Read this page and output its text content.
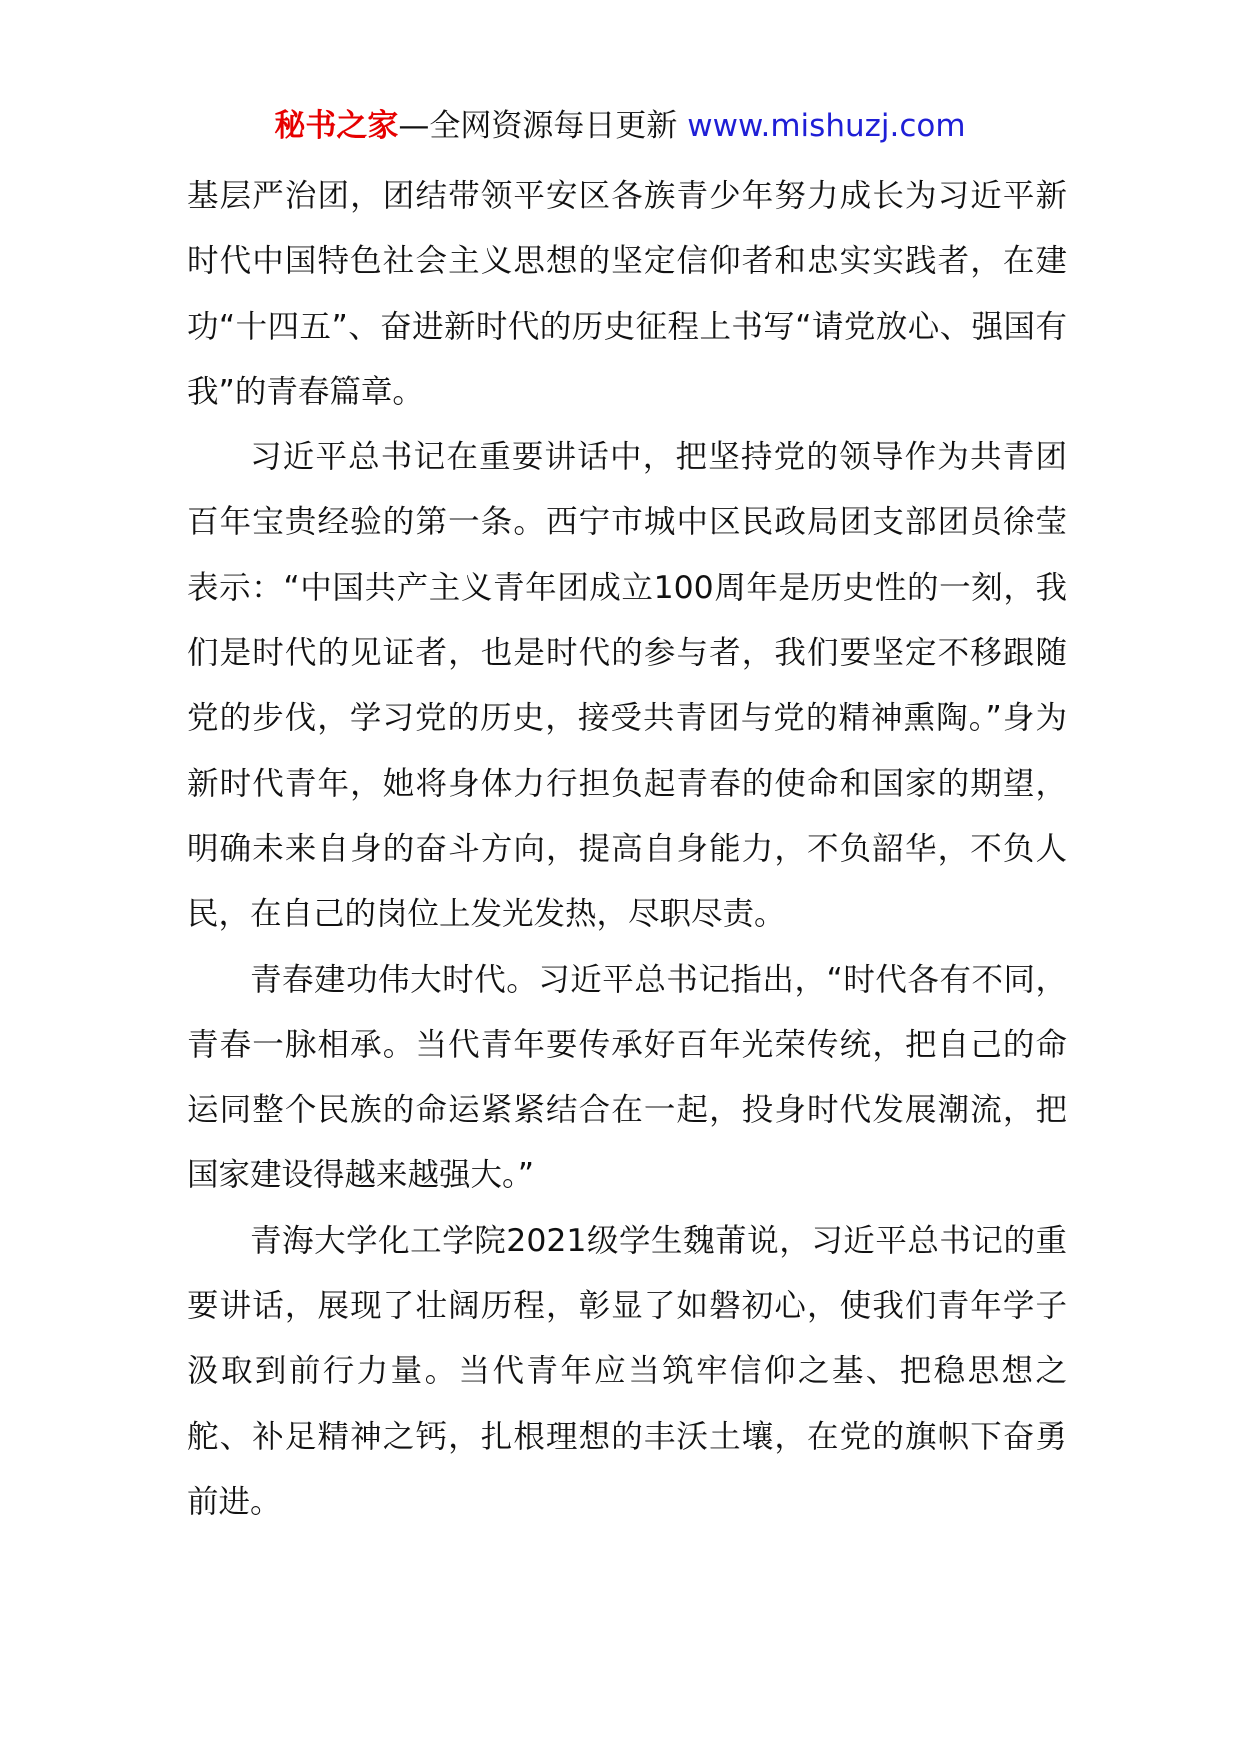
秘书之家—全网资源每日更新 www.mishuzj.com

基层严治团，团结带领平安区各族青少年努力成长为习近平新时代中国特色社会主义思想的坚定信仰者和忠实实践者，在建功“十四五”、奋进新时代的历史征程上书写“请党放心、强国有我”的青春篇章。

习近平总书记在重要讲话中，把坚持党的领导作为共青团百年宝贵经验的第一条。西宁市城中区民政局团支部团员徐莹表示：“中国共产主义青年团成立100周年是历史性的一刻，我们是时代的见证者，也是时代的参与者，我们要坚定不移跟随党的步伐，学习党的历史，接受共青团与党的精神熏陶。”身为新时代青年，她将身体力行担负起青春的使命和国家的期望，明确未来自身的奋斗方向，提高自身能力，不负韶华，不负人民，在自己的岗位上发光发热，尽职尽责。

青春建功伟大时代。习近平总书记指出，“时代各有不同，青春一脉相承。当代青年要传承好百年光荣传统，把自己的命运同整个民族的命运紧紧结合在一起，投身时代发展潮流，把国家建设得越来越强大。”

青海大学化工学院2021级学生魏莆说，习近平总书记的重要讲话，展现了壮阔历程，彰显了如磐初心，使我们青年学子汲取到前行力量。当代青年应当筑牢信仰之基、把稳思想之舵、补足精神之钙，扎根理想的丰沃土壤，在党的旗帜下奋勇前进。
